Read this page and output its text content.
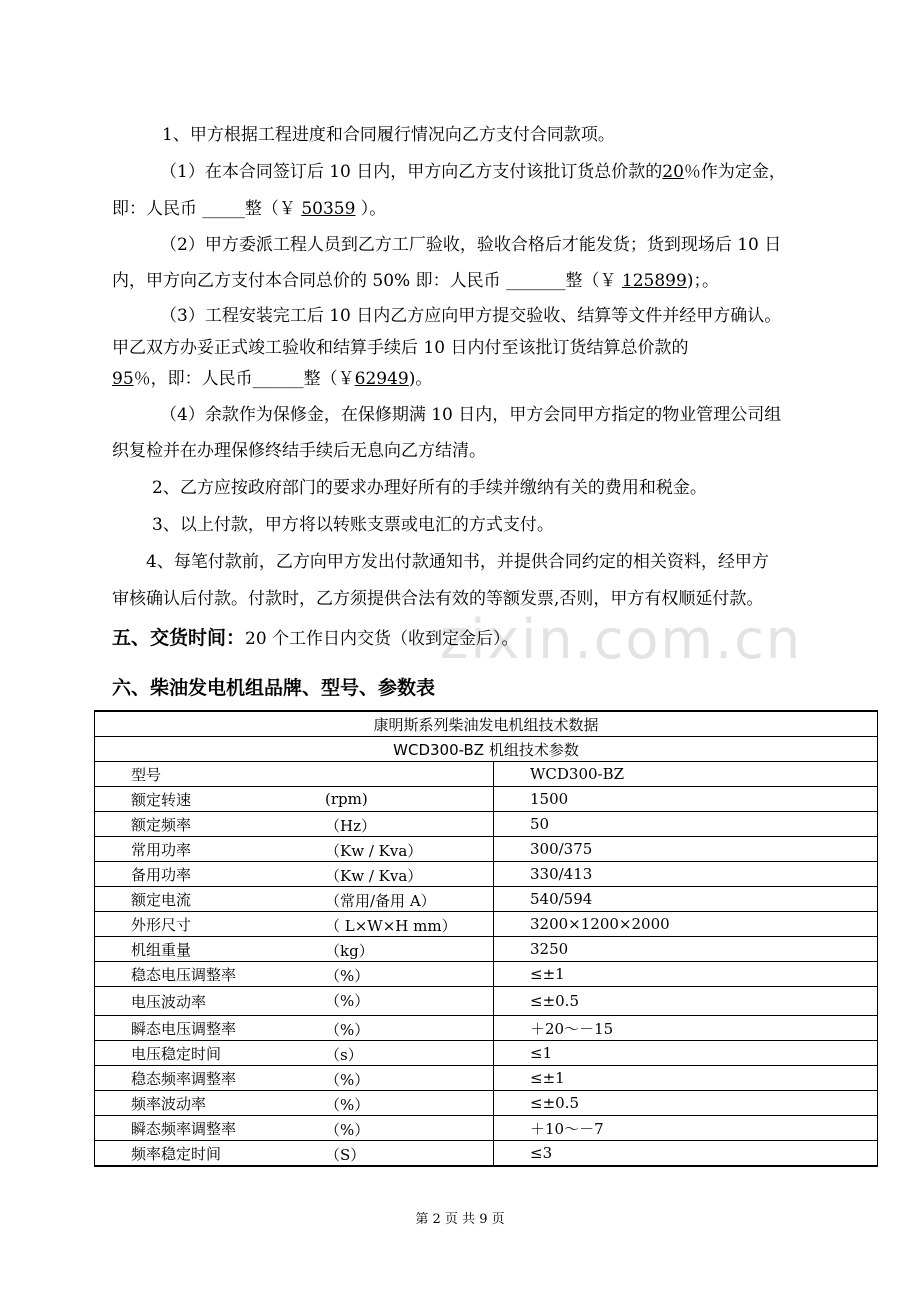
zixin.com.cn
1、甲方根据工程进度和合同履行情况向乙方支付合同款项。
（1）在本合同签订后 10 日内，甲方向乙方支付该批订货总价款的20％作为定金，
即：人民币 _____整（￥ 50359 ）。
（2）甲方委派工程人员到乙方工厂验收，验收合格后才能发货；货到现场后 10 日
内，甲方向乙方支付本合同总价的 50% 即：人民币 _______整（￥ 125899)；。
（3）工程安装完工后 10 日内乙方应向甲方提交验收、结算等文件并经甲方确认。
甲乙双方办妥正式竣工验收和结算手续后 10 日内付至该批订货结算总价款的
95％，即：人民币______整（￥62949)。
（4）余款作为保修金，在保修期满 10 日内，甲方会同甲方指定的物业管理公司组
织复检并在办理保修终结手续后无息向乙方结清。
2、乙方应按政府部门的要求办理好所有的手续并缴纳有关的费用和税金。
3、以上付款，甲方将以转账支票或电汇的方式支付。
4、每笔付款前，乙方向甲方发出付款通知书，并提供合同约定的相关资料，经甲方
审核确认后付款。付款时，乙方须提供合法有效的等额发票,否则，甲方有权顺延付款。
五、交货时间：20 个工作日内交货（收到定金后）。
六、柴油发电机组品牌、型号、参数表
康明斯系列柴油发电机组技术数据	
WCD300-BZ 机组技术参数	
型号	WCD300-BZ
额定转速 (rpm)	1500
额定频率 （Hz）	50
常用功率 （Kw / Kva）	300/375
备用功率 （Kw / Kva）	330/413
额定电流 （常用/备用 A）	540/594
外形尺寸 （ L×W×H mm）	3200×1200×2000
机组重量 （kg）	3250
稳态电压调整率 （%）	≤±1
电压波动率 （%）	≤±0.5
瞬态电压调整率 （%）	＋20～－15
电压稳定时间 （s）	≤1
稳态频率调整率 （%）	≤±1
频率波动率 （%）	≤±0.5
瞬态频率调整率 （%）	＋10～－7
频率稳定时间 （S）	≤3
第 2 页 共 9 页
